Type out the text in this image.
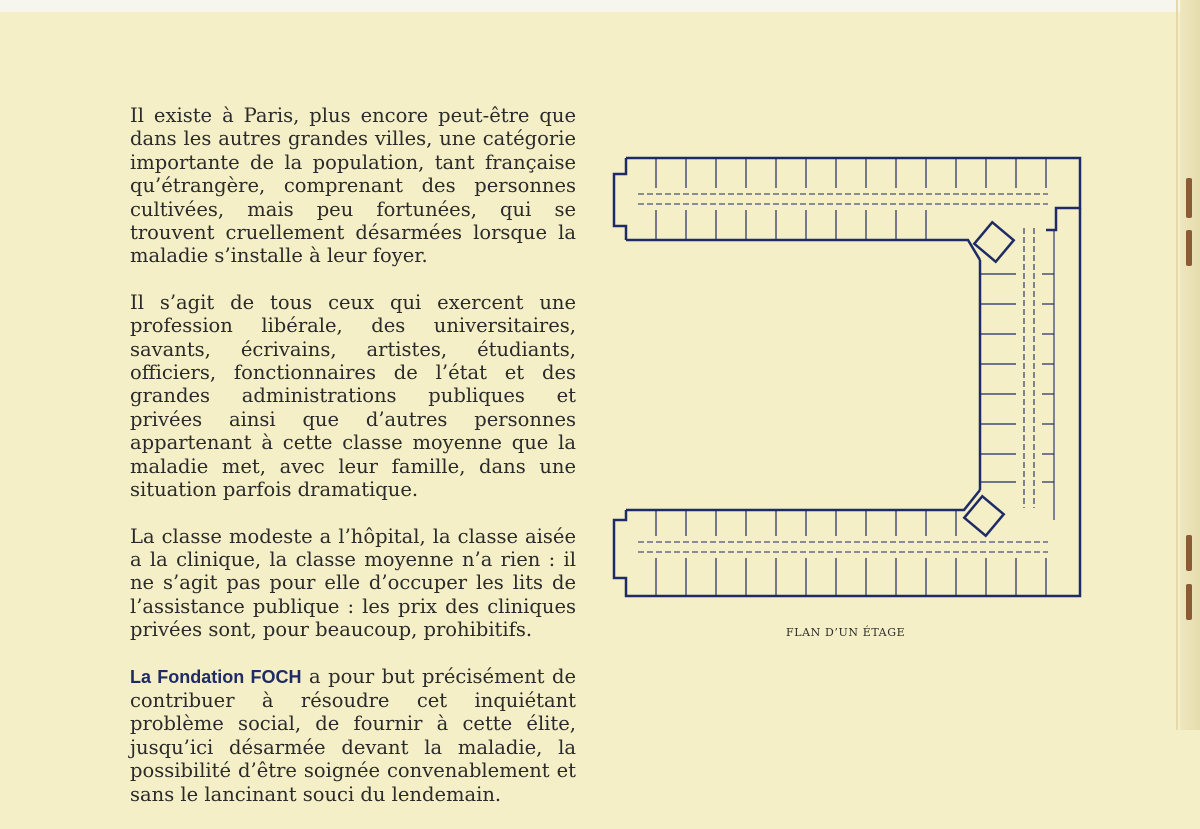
Il existe à Paris, plus encore peut-être que dans les autres grandes villes, une catégorie importante de la population, tant française qu’étrangère, comprenant des personnes cultivées, mais peu fortunées, qui se trouvent cruellement désarmées lorsque la maladie s’installe à leur foyer.

Il s’agit de tous ceux qui exercent une profession libérale, des universitaires, savants, écrivains, artistes, étudiants, officiers, fonctionnaires de l’état et des grandes administrations publiques et privées ainsi que d’autres personnes appartenant à cette classe moyenne que la maladie met, avec leur famille, dans une situation parfois dramatique.

La classe modeste a l’hôpital, la classe aisée a la clinique, la classe moyenne n’a rien : il ne s’agit pas pour elle d’occuper les lits de l’assistance publique : les prix des cliniques privées sont, pour beaucoup, prohibitifs.

La Fondation FOCH a pour but précisément de contribuer à résoudre cet inquiétant problème social, de fournir à cette élite, jusqu’ici désarmée devant la maladie, la possibilité d’être soignée convenablement et sans le lancinant souci du lendemain.

FLAN D’UN ÉTAGE
